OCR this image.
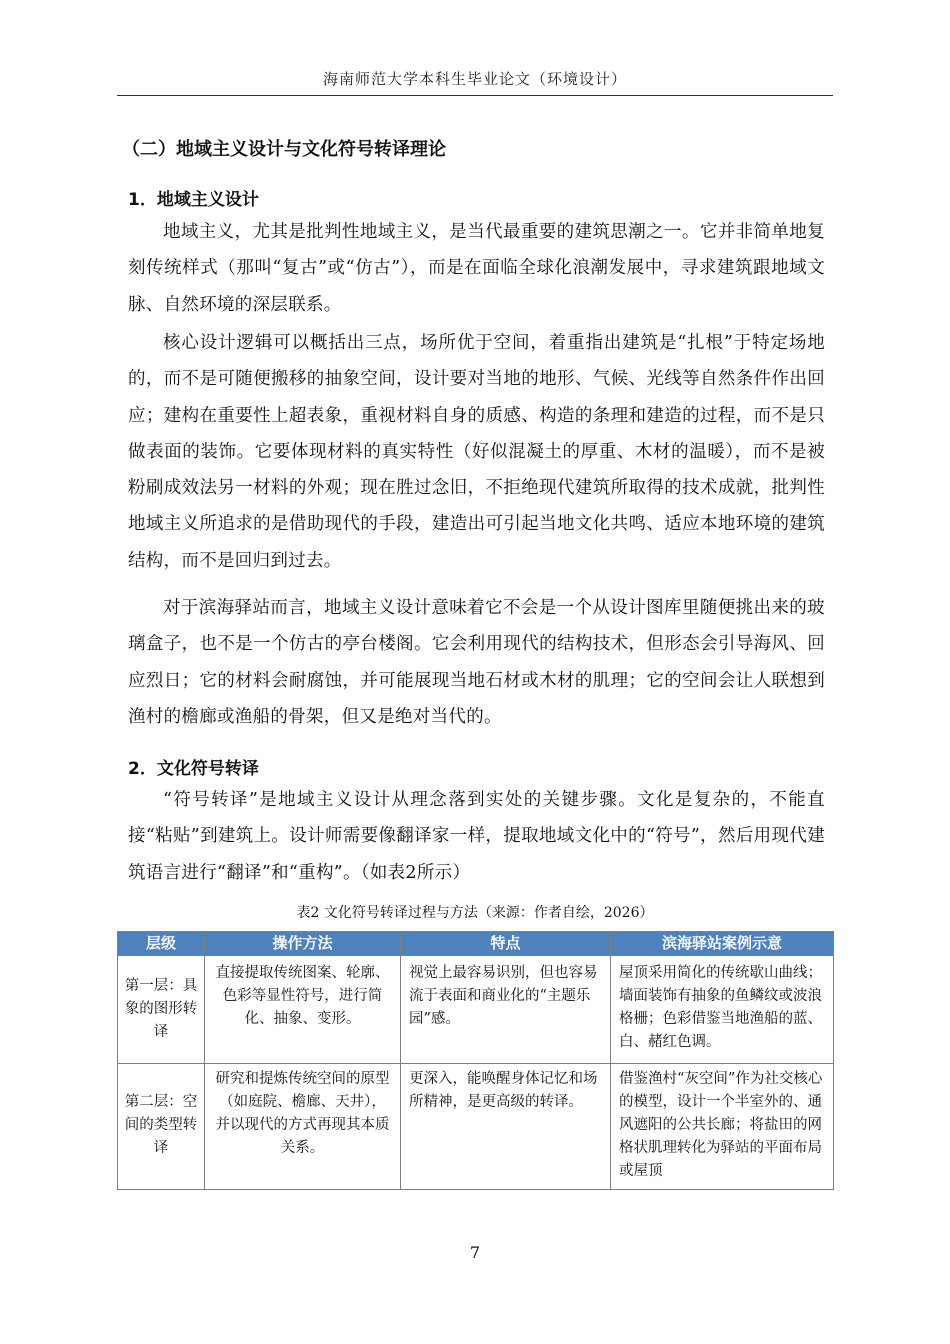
海南师范大学本科生毕业论文（环境设计）
（二）地域主义设计与文化符号转译理论
1．地域主义设计

地域主义，尤其是批判性地域主义，是当代最重要的建筑思潮之一。它并非简单地复刻传统样式（那叫“复古”或“仿古”），而是在面临全球化浪潮发展中，寻求建筑跟地域文脉、自然环境的深层联系。

核心设计逻辑可以概括出三点，场所优于空间，着重指出建筑是“扎根”于特定场地的，而不是可随便搬移的抽象空间，设计要对当地的地形、气候、光线等自然条件作出回应；建构在重要性上超表象，重视材料自身的质感、构造的条理和建造的过程，而不是只做表面的装饰。它要体现材料的真实特性（好似混凝土的厚重、木材的温暖），而不是被粉刷成效法另一材料的外观；现在胜过念旧，不拒绝现代建筑所取得的技术成就，批判性地域主义所追求的是借助现代的手段，建造出可引起当地文化共鸣、适应本地环境的建筑结构，而不是回归到过去。

对于滨海驿站而言，地域主义设计意味着它不会是一个从设计图库里随便挑出来的玻璃盒子，也不是一个仿古的亭台楼阁。它会利用现代的结构技术，但形态会引导海风、回应烈日；它的材料会耐腐蚀，并可能展现当地石材或木材的肌理；它的空间会让人联想到渔村的檐廊或渔船的骨架，但又是绝对当代的。

2．文化符号转译

“符号转译”是地域主义设计从理念落到实处的关键步骤。文化是复杂的，不能直接“粘贴”到建筑上。设计师需要像翻译家一样，提取地域文化中的“符号”，然后用现代建筑语言进行“翻译”和“重构”。（如表2所示）

表2 文化符号转译过程与方法（来源：作者自绘，2026）
层级	操作方法	特点	滨海驿站案例示意
第一层：具象的图形转译	直接提取传统图案、轮廓、色彩等显性符号，进行简化、抽象、变形。	视觉上最容易识别，但也容易流于表面和商业化的“主题乐园”感。	屋顶采用简化的传统歇山曲线；墙面装饰有抽象的鱼鳞纹或波浪格栅；色彩借鉴当地渔船的蓝、白、赭红色调。
第二层：空间的类型转译	研究和提炼传统空间的原型（如庭院、檐廊、天井），并以现代的方式再现其本质关系。	更深入，能唤醒身体记忆和场所精神，是更高级的转译。	借鉴渔村“灰空间”作为社交核心的模型，设计一个半室外的、通风遮阳的公共长廊；将盐田的网格状肌理转化为驿站的平面布局或屋顶
7
